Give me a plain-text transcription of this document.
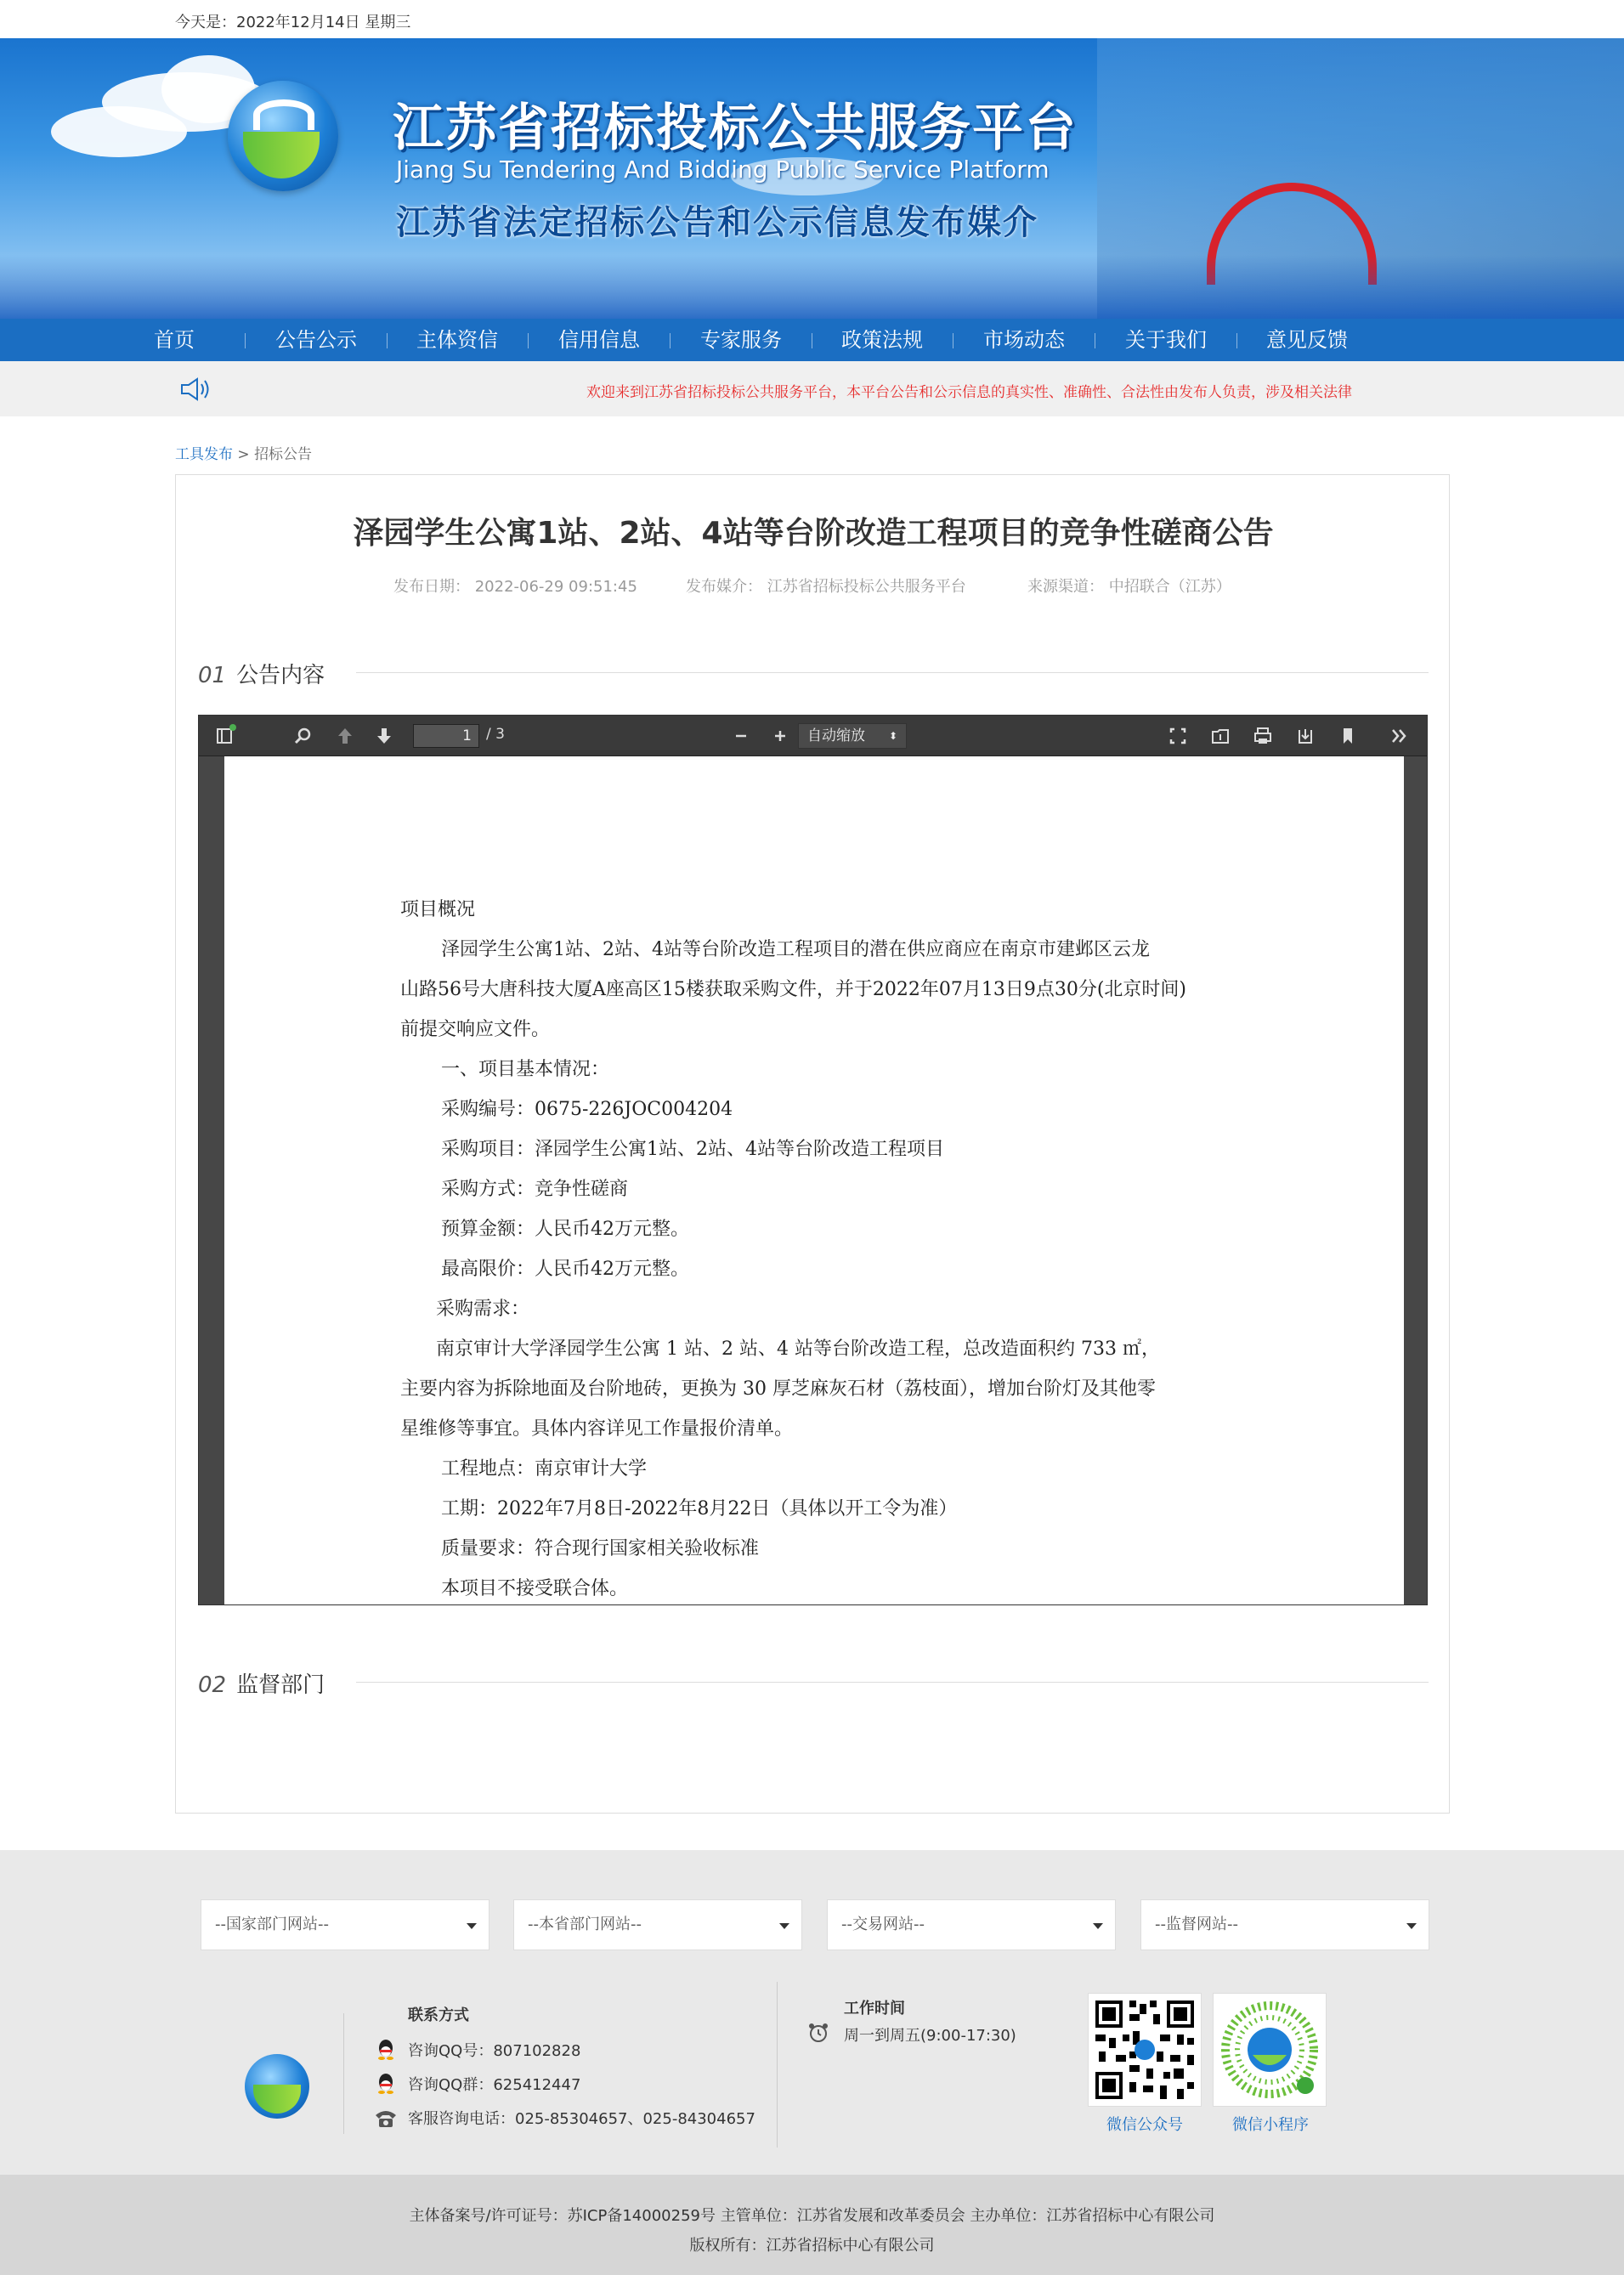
今天是：2022年12月14日 星期三
江苏省招标投标公共服务平台
Jiang Su Tendering And Bidding Public Service Platform
江苏省法定招标公告和公示信息发布媒介
首页	公告公示	主体资信	信用信息	专家服务	政策法规	市场动态	关于我们	意见反馈
欢迎来到江苏省招标投标公共服务平台，本平台公告和公示信息的真实性、准确性、合法性由发布人负责，涉及相关法律
工具发布 > 招标公告
泽园学生公寓1站、2站、4站等台阶改造工程项目的竞争性磋商公告
发布日期： 2022-06-29 09:51:45	发布媒介： 江苏省招标投标公共服务平台	来源渠道： 中招联合（江苏）
01 公告内容
1	/ 3	自动缩放 ⬍
项目概况
泽园学生公寓1站、2站、4站等台阶改造工程项目的潜在供应商应在南京市建邺区云龙
山路56号大唐科技大厦A座高区15楼获取采购文件，并于2022年07月13日9点30分(北京时间)
前提交响应文件。
一、项目基本情况：
采购编号：0675-226JOC004204
采购项目：泽园学生公寓1站、2站、4站等台阶改造工程项目
采购方式：竞争性磋商
预算金额：人民币42万元整。
最高限价：人民币42万元整。
采购需求：
南京审计大学泽园学生公寓 1 站、2 站、4 站等台阶改造工程，总改造面积约 733 ㎡，
主要内容为拆除地面及台阶地砖，更换为 30 厚芝麻灰石材（荔枝面），增加台阶灯及其他零
星维修等事宜。具体内容详见工作量报价清单。
工程地点：南京审计大学
工期：2022年7月8日-2022年8月22日（具体以开工令为准）
质量要求：符合现行国家相关验收标准
本项目不接受联合体。
02 监督部门
--国家部门网站--	--本省部门网站--	--交易网站--	--监督网站--
联系方式
咨询QQ号：807102828
咨询QQ群：625412447
客服咨询电话：025-85304657、025-84304657
工作时间
周一到周五(9:00-17:30)
微信公众号	微信小程序
主体备案号/许可证号：苏ICP备14000259号 主管单位：江苏省发展和改革委员会 主办单位：江苏省招标中心有限公司
版权所有：江苏省招标中心有限公司
